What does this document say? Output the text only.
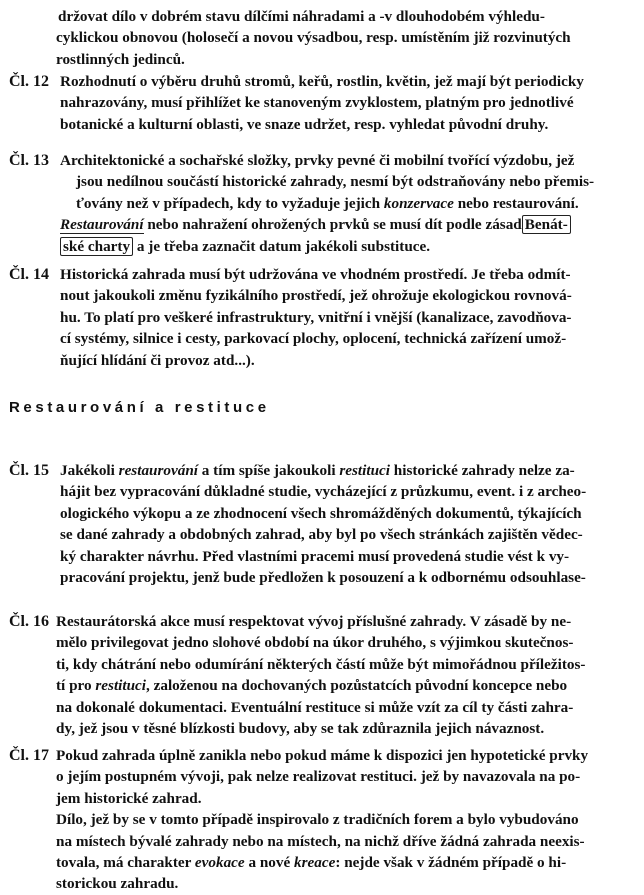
držovat dílo v dobrém stavu dílčími náhradami a -v dlouhodobém výhledu-
cyklickou obnovou (holosečí a novou výsadbou, resp. umístěním již rozvinutých
rostlinných jedinců.
Čl. 12 Rozhodnutí o výběru druhů stromů, keřů, rostlin, květin, jež mají být periodicky
nahrazovány, musí přihlížet ke stanoveným zvyklostem, platným pro jednotlivé
botanické a kulturní oblasti, ve snaze udržet, resp. vyhledat původní druhy.
Čl. 13 Architektonické a sochařské složky, prvky pevné či mobilní tvořící výzdobu, jež
jsou nedílnou součástí historické zahrady, nesmí být odstraňovány nebo přemis-
ťovány než v případech, kdy to vyžaduje jejich konzervace nebo restaurování.
Restaurování nebo nahražení ohrožených prvků se musí dít podle zásad Benát-
ské charty a je třeba zaznačit datum jakékoli substituce.
Čl. 14 Historická zahrada musí být udržována ve vhodném prostředí. Je třeba odmít-
nout jakoukoli změnu fyzikálního prostředí, jež ohrožuje ekologickou rovnová-
hu. To platí pro veškeré infrastruktury, vnitřní i vnější (kanalizace, zavodňova-
cí systémy, silnice i cesty, parkovací plochy, oplocení, technická zařízení umož-
ňující hlídání či provoz atd...).
Restaurování a restituce
Čl. 15 Jakékoli restaurování a tím spíše jakoukoli restituci historické zahrady nelze za-
hájit bez vypracování důkladné studie, vycházející z průzkumu, event. i z archeo-
ologického výkopu a ze zhodnocení všech shromážděných dokumentů, týkajících
se dané zahrady a obdobných zahrad, aby byl po všech stránkách zajištěn vědec-
ký charakter návrhu. Před vlastními pracemi musí provedená studie vést k vy-
pracování projektu, jenž bude předložen k posouzení a k odbornému odsouhlase-
Čl. 16 Restaurátorská akce musí respektovat vývoj příslušné zahrady. V zásadě by ne-
mělo privilegovat jedno slohové období na úkor druhého, s výjimkou skutečnos-
ti, kdy chátrání nebo odumírání některých částí může být mimořádnou příležitos-
tí pro restituci, založenou na dochovaných pozůstatcích původní koncepce nebo
na dokonalé dokumentaci. Eventuální restituce si může vzít za cíl ty části zahra-
dy, jež jsou v těsné blízkosti budovy, aby se tak zdůraznila jejich návaznost.
Čl. 17 Pokud zahrada úplně zanikla nebo pokud máme k dispozici jen hypotetické prvky
o jejím postupném vývoji, pak nelze realizovat restituci. jež by navazovala na po-
jem historické zahrad.
Dílo, jež by se v tomto případě inspirovalo z tradičních forem a bylo vybudováno
na místech bývalé zahrady nebo na místech, na nichž dříve žádná zahrada neexis-
tovala, má charakter evokace a nové kreace: nejde však v žádném případě o hi-
storickou zahradu.
